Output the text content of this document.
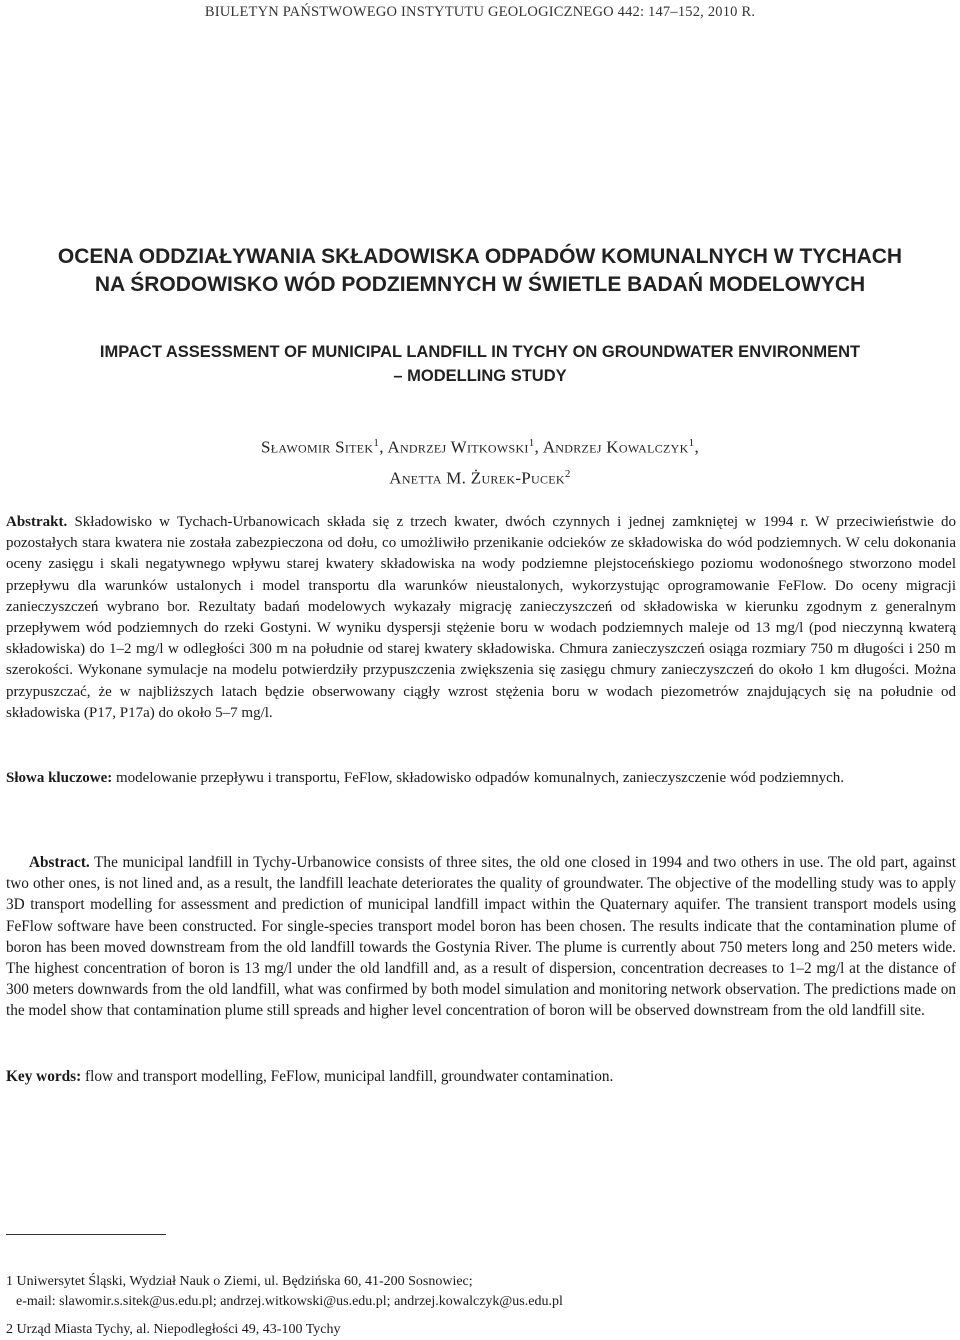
BIULETYN PAŃSTWOWEGO INSTYTUTU GEOLOGICZNEGO 442: 147–152, 2010 R.
OCENA ODDZIAŁYWANIA SKŁADOWISKA ODPADÓW KOMUNALNYCH W TYCHACH
NA ŚRODOWISKO WÓD PODZIEMNYCH W ŚWIETLE BADAŃ MODELOWYCH
IMPACT ASSESSMENT OF MUNICIPAL LANDFILL IN TYCHY ON GROUNDWATER ENVIRONMENT
– MODELLING STUDY
Sławomir Sitek$^1$, Andrzej Witkowski$^1$, Andrzej Kowalczyk$^1$,
Anetta M. Żurek-Pucek$^2$

Abstrakt. Składowisko w Tychach-Urbanowicach składa się z trzech kwater, dwóch czynnych i jednej zamkniętej w 1994 r. W przeciwieństwie do pozostałych stara kwatera nie została zabezpieczona od dołu, co umożliwiło przenikanie odcieków ze składowiska do wód podziemnych. W celu dokonania oceny zasięgu i skali negatywnego wpływu starej kwatery składowiska na wody podziemne plejstoceńskiego poziomu wodonośnego stworzono model przepływu dla warunków ustalonych i model transportu dla warunków nieustalonych, wykorzystując oprogramowanie FeFlow. Do oceny migracji zanieczyszczeń wybrano bor. Rezultaty badań modelowych wykazały migrację zanieczyszczeń od składowiska w kierunku zgodnym z generalnym przepływem wód podziemnych do rzeki Gostyni. W wyniku dyspersji stężenie boru w wodach podziemnych maleje od 13 mg/l (pod nieczynną kwaterą składowiska) do 1–2 mg/l w odległości 300 m na południe od starej kwatery składowiska. Chmura zanieczyszczeń osiąga rozmiary 750 m długości i 250 m szerokości. Wykonane symulacje na modelu potwierdziły przypuszczenia zwiększenia się zasięgu chmury zanieczyszczeń do około 1 km długości. Można przypuszczać, że w najbliższych latach będzie obserwowany ciągły wzrost stężenia boru w wodach piezometrów znajdujących się na południe od składowiska (P17, P17a) do około 5–7 mg/l.

Słowa kluczowe: modelowanie przepływu i transportu, FeFlow, składowisko odpadów komunalnych, zanieczyszczenie wód podziemnych.

Abstract. The municipal landfill in Tychy-Urbanowice consists of three sites, the old one closed in 1994 and two others in use. The old part, against two other ones, is not lined and, as a result, the landfill leachate deteriorates the quality of groundwater. The objective of the modelling study was to apply 3D transport modelling for assessment and prediction of municipal landfill impact within the Quaternary aquifer. The transient transport models using FeFlow software have been constructed. For single-species transport model boron has been chosen. The results indicate that the contamination plume of boron has been moved downstream from the old landfill towards the Gostynia River. The plume is currently about 750 meters long and 250 meters wide. The highest concentration of boron is 13 mg/l under the old landfill and, as a result of dispersion, concentration decreases to 1–2 mg/l at the distance of 300 meters downwards from the old landfill, what was confirmed by both model simulation and monitoring network observation. The predictions made on the model show that contamination plume still spreads and higher level concentration of boron will be observed downstream from the old landfill site.

Key words: flow and transport modelling, FeFlow, municipal landfill, groundwater contamination.

1 Uniwersytet Śląski, Wydział Nauk o Ziemi, ul. Będzińska 60, 41-200 Sosnowiec;
e-mail: slawomir.s.sitek@us.edu.pl; andrzej.witkowski@us.edu.pl; andrzej.kowalczyk@us.edu.pl

2 Urząd Miasta Tychy, al. Niepodległości 49, 43-100 Tychy
